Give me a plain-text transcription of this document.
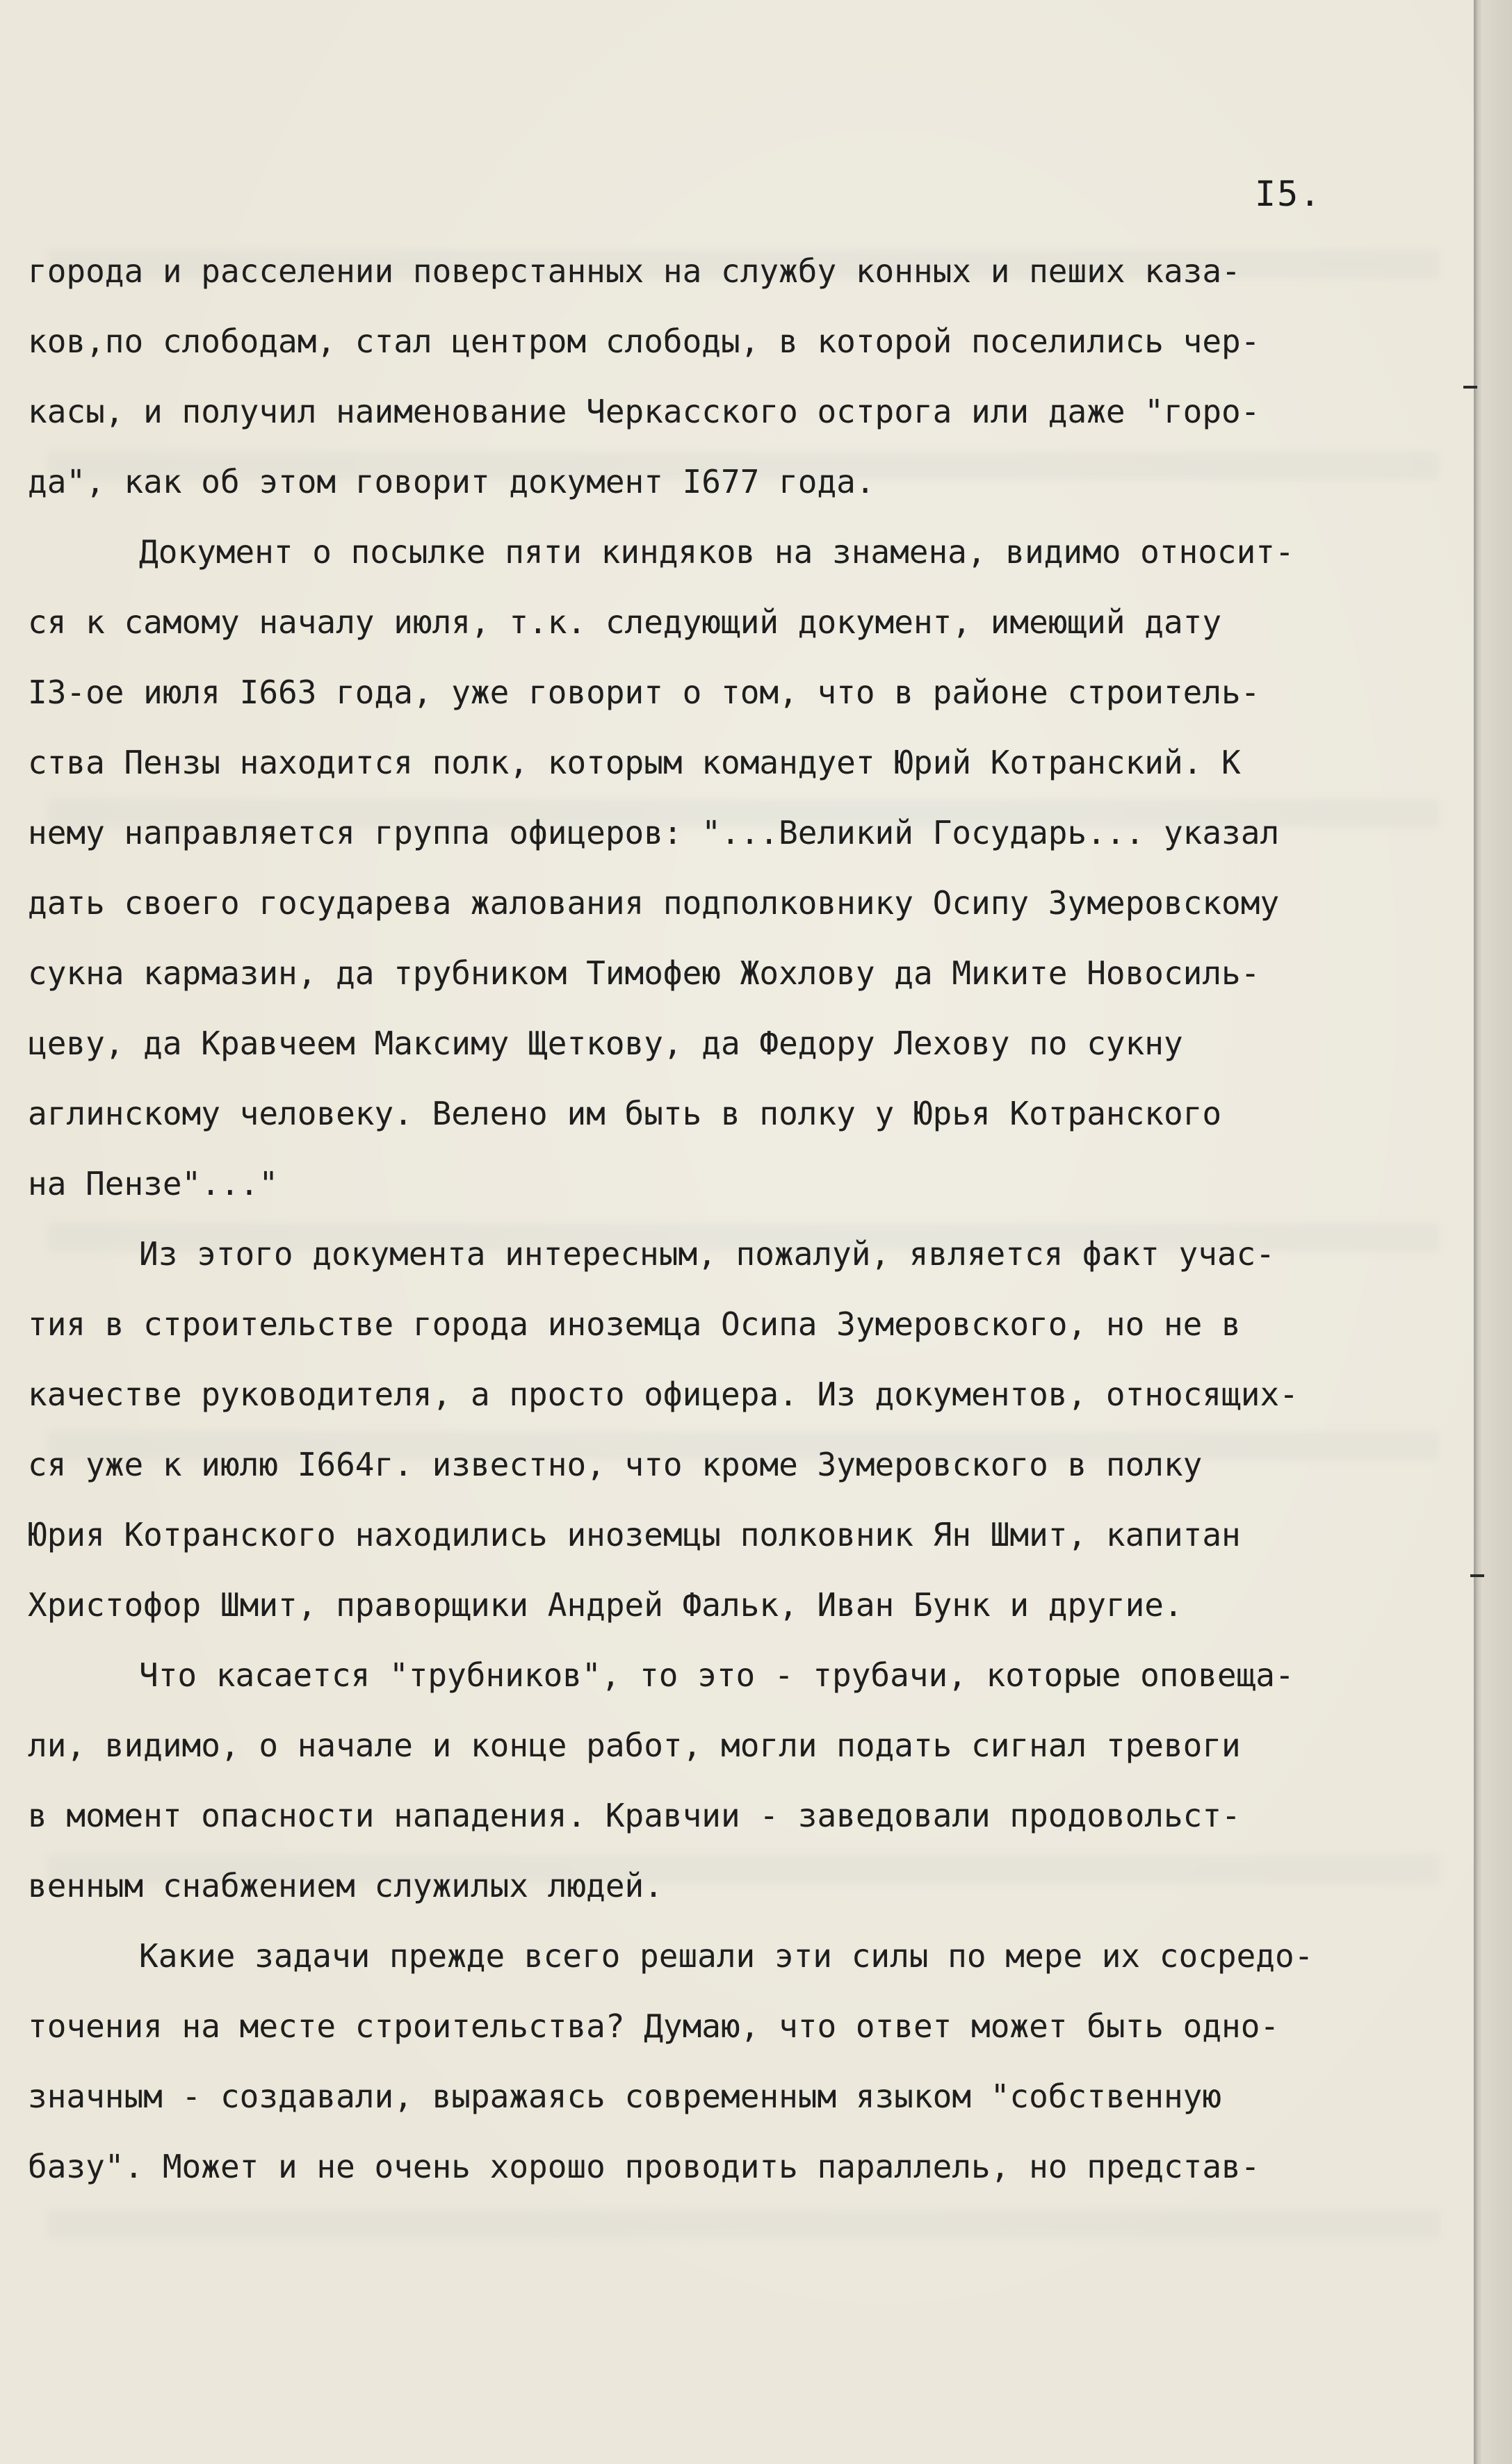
I5.
города и расселении поверстанных на службу конных и пеших каза-
ков,по слободам, стал центром слободы, в которой поселились чер-
касы, и получил наименование Черкасского острога или даже "горо-
да", как об этом говорит документ I677 года.
Документ о посылке пяти киндяков на знамена, видимо относит-
ся к самому началу июля, т.к. следующий документ, имеющий дату
I3-ое июля I663 года, уже говорит о том, что в районе строитель-
ства Пензы находится полк, которым командует Юрий Котранский. К
нему направляется группа офицеров: "...Великий Государь... указал
дать своего государева жалования подполковнику Осипу Зумеровскому
сукна кармазин, да трубником Тимофею Жохлову да Миките Новосиль-
цеву, да Кравчеем Максиму Щеткову, да Федору Лехову по сукну
аглинскому человеку. Велено им быть в полку у Юрья Котранского
на Пензе"..."
Из этого документа интересным, пожалуй, является факт учас-
тия в строительстве города иноземца Осипа Зумеровского, но не в
качестве руководителя, а просто офицера. Из документов, относящих-
ся уже к июлю I664г. известно, что кроме Зумеровского в полку
Юрия Котранского находились иноземцы полковник Ян Шмит, капитан
Христофор Шмит, праворщики Андрей Фальк, Иван Бунк и другие.
Что касается "трубников", то это - трубачи, которые оповеща-
ли, видимо, о начале и конце работ, могли подать сигнал тревоги
в момент опасности нападения. Кравчии - заведовали продовольст-
венным снабжением служилых людей.
Какие задачи прежде всего решали эти силы по мере их сосредо-
точения на месте строительства? Думаю, что ответ может быть одно-
значным - создавали, выражаясь современным языком "собственную
базу". Может и не очень хорошо проводить параллель, но представ-
